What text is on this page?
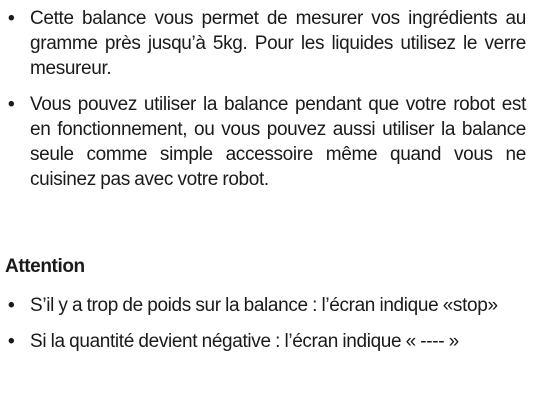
• Cette balance vous permet de mesurer vos ingrédients au gramme près jusqu’à 5kg. Pour les liquides utilisez le verre mesureur.
• Vous pouvez utiliser la balance pendant que votre robot est en fonctionnement, ou vous pouvez aussi utiliser la balance seule comme simple accessoire même quand vous ne cuisinez pas avec votre robot.
Attention
• S’il y a trop de poids sur la balance : l’écran indique «stop»
• Si la quantité devient négative : l’écran indique « ---- »
